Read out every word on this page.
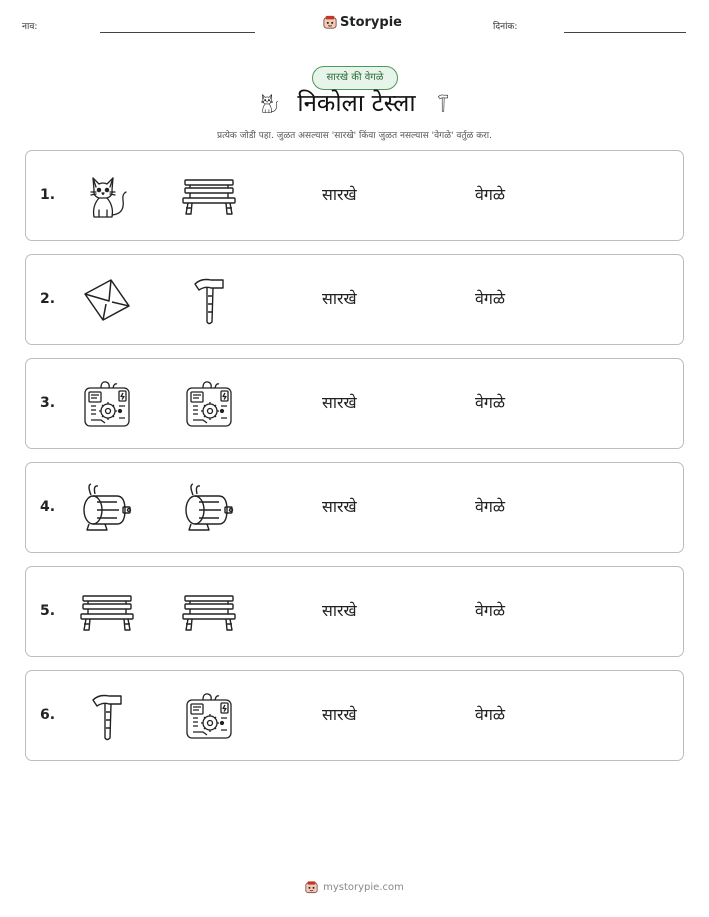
नाव:	Storypie	दिनांक:
सारखे की वेगळे
निकोला टेस्ला
प्रत्येक जोडी पहा. जुळत असल्यास 'सारखे' किंवा जुळत नसल्यास 'वेगळे' वर्तुळ करा.
1.	सारखे	वेगळे
2.	सारखे	वेगळे
3.	सारखे	वेगळे
4.	सारखे	वेगळे
5.	सारखे	वेगळे
6.	सारखे	वेगळे
mystorypie.com
